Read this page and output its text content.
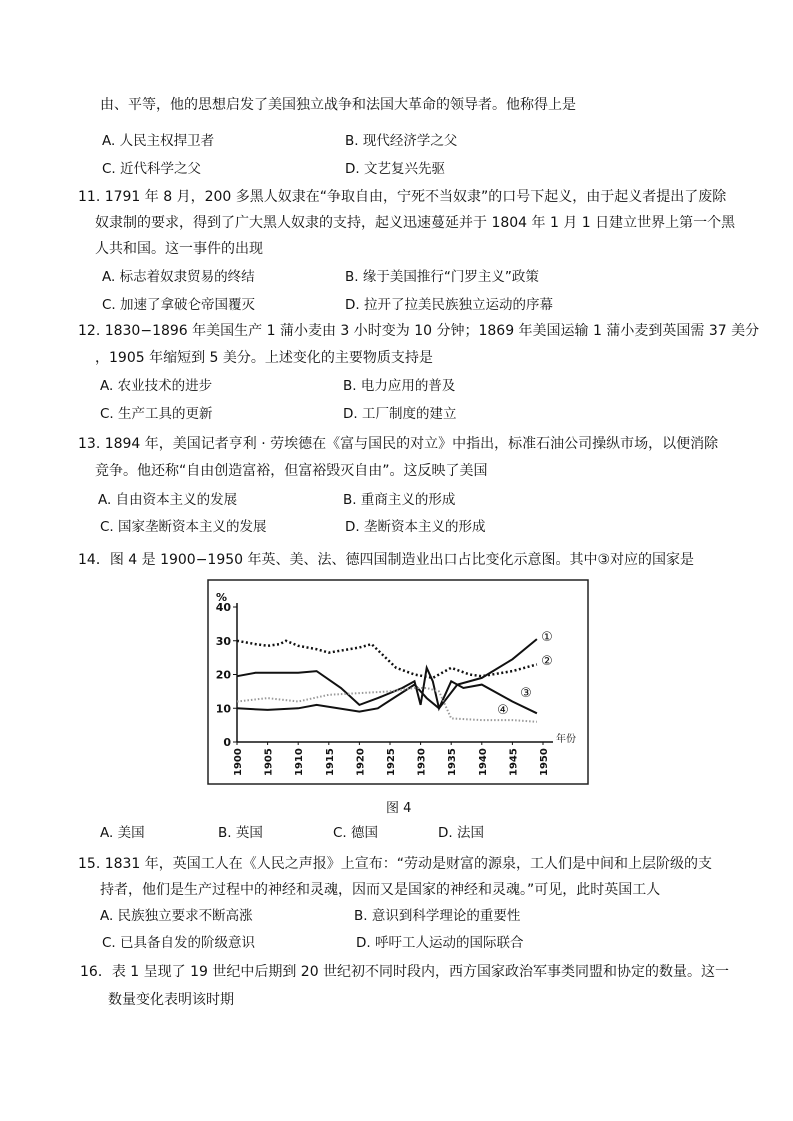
由、平等，他的思想启发了美国独立战争和法国大革命的领导者。他称得上是
A. 人民主权捍卫者	B. 现代经济学之父
C. 近代科学之父	D. 文艺复兴先驱
11. 1791 年 8 月，200 多黑人奴隶在“争取自由，宁死不当奴隶”的口号下起义，由于起义者提出了废除
奴隶制的要求，得到了广大黑人奴隶的支持，起义迅速蔓延并于 1804 年 1 月 1 日建立世界上第一个黑
人共和国。这一事件的出现
A. 标志着奴隶贸易的终结	B. 缘于美国推行“门罗主义”政策
C. 加速了拿破仑帝国覆灭	D. 拉开了拉美民族独立运动的序幕
12. 1830−1896 年美国生产 1 蒲小麦由 3 小时变为 10 分钟；1869 年美国运输 1 蒲小麦到英国需 37 美分
，1905 年缩短到 5 美分。上述变化的主要物质支持是
A. 农业技术的进步	B. 电力应用的普及
C. 生产工具的更新	D. 工厂制度的建立
13. 1894 年，美国记者亨利 · 劳埃德在《富与国民的对立》中指出，标准石油公司操纵市场，以便消除
竞争。他还称“自由创造富裕，但富裕毁灭自由”。这反映了美国
A. 自由资本主义的发展	B. 重商主义的形成
C. 国家垄断资本主义的发展	D. 垄断资本主义的形成
14．图 4 是 1900−1950 年英、美、法、德四国制造业出口占比变化示意图。其中③对应的国家是
0
10
20
30
40
1900 1905 1910 1915 1920 1925 1930 1935 1940 1945 1950
%
年份
①
②
③
④
图 4
A. 美国	B. 英国	C. 德国	D. 法国
15. 1831 年，英国工人在《人民之声报》上宣布：“劳动是财富的源泉，工人们是中间和上层阶级的支
持者，他们是生产过程中的神经和灵魂，因而又是国家的神经和灵魂。”可见，此时英国工人
A. 民族独立要求不断高涨	B. 意识到科学理论的重要性
C. 已具备自发的阶级意识	D. 呼吁工人运动的国际联合
16．表 1 呈现了 19 世纪中后期到 20 世纪初不同时段内，西方国家政治军事类同盟和协定的数量。这一
数量变化表明该时期
